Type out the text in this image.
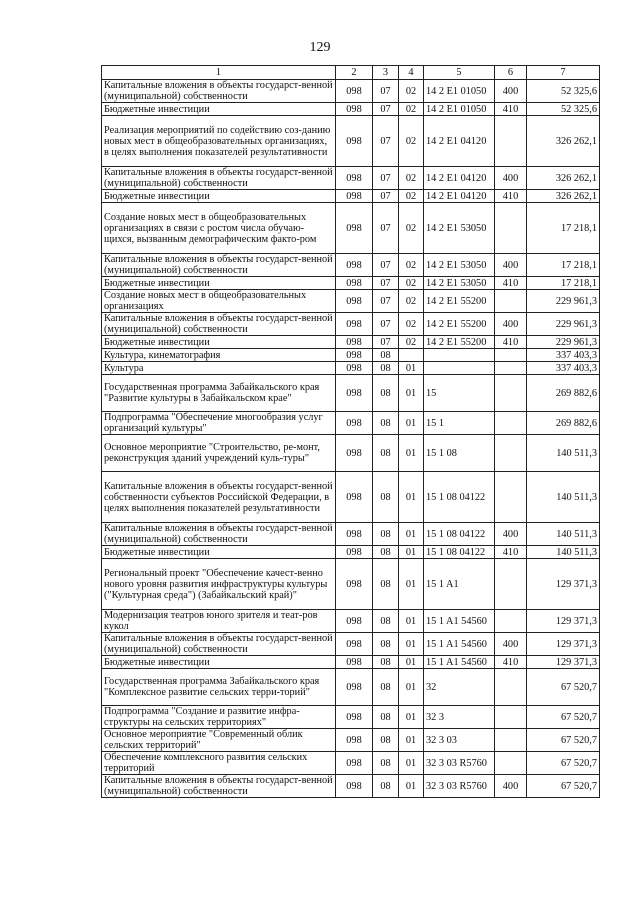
129
1	2	3	4	5	6	7
Капитальные вложения в объекты государст-венной (муниципальной) собственности	098	07	02	14 2 E1 01050	400	52 325,6
Бюджетные инвестиции	098	07	02	14 2 E1 01050	410	52 325,6
Реализация мероприятий по содействию соз-данию новых мест в общеобразовательных организациях, в целях выполнения показателей результативности	098	07	02	14 2 E1 04120		326 262,1
Капитальные вложения в объекты государст-венной (муниципальной) собственности	098	07	02	14 2 E1 04120	400	326 262,1
Бюджетные инвестиции	098	07	02	14 2 E1 04120	410	326 262,1
Создание новых мест в общеобразовательных организациях в связи с ростом числа обучаю-щихся, вызванным демографическим факто-ром	098	07	02	14 2 E1 53050		17 218,1
Капитальные вложения в объекты государст-венной (муниципальной) собственности	098	07	02	14 2 E1 53050	400	17 218,1
Бюджетные инвестиции	098	07	02	14 2 E1 53050	410	17 218,1
Создание новых мест в общеобразовательных организациях	098	07	02	14 2 E1 55200		229 961,3
Капитальные вложения в объекты государст-венной (муниципальной) собственности	098	07	02	14 2 E1 55200	400	229 961,3
Бюджетные инвестиции	098	07	02	14 2 E1 55200	410	229 961,3
Культура, кинематография	098	08				337 403,3
Культура	098	08	01			337 403,3
Государственная программа Забайкальского края "Развитие культуры в Забайкальском крае"	098	08	01	15		269 882,6
Подпрограмма "Обеспечение многообразия услуг организаций культуры"	098	08	01	15 1		269 882,6
Основное мероприятие "Строительство, ре-монт, реконструкция зданий учреждений куль-туры"	098	08	01	15 1 08		140 511,3
Капитальные вложения в объекты государст-венной собственности субъектов Российской Федерации, в целях выполнения показателей результативности	098	08	01	15 1 08 04122		140 511,3
Капитальные вложения в объекты государст-венной (муниципальной) собственности	098	08	01	15 1 08 04122	400	140 511,3
Бюджетные инвестиции	098	08	01	15 1 08 04122	410	140 511,3
Региональный проект "Обеспечение качест-венно нового уровня развития инфраструктуры культуры ("Культурная среда") (Забайкальский край)"	098	08	01	15 1 A1		129 371,3
Модернизация театров юного зрителя и теат-ров кукол	098	08	01	15 1 A1 54560		129 371,3
Капитальные вложения в объекты государст-венной (муниципальной) собственности	098	08	01	15 1 A1 54560	400	129 371,3
Бюджетные инвестиции	098	08	01	15 1 A1 54560	410	129 371,3
Государственная программа Забайкальского края "Комплексное развитие сельских терри-торий"	098	08	01	32		67 520,7
Подпрограмма "Создание и развитие инфра-структуры на сельских территориях"	098	08	01	32 3		67 520,7
Основное мероприятие "Современный облик сельских территорий"	098	08	01	32 3 03		67 520,7
Обеспечение комплексного развития сельских территорий	098	08	01	32 3 03 R5760		67 520,7
Капитальные вложения в объекты государст-венной (муниципальной) собственности	098	08	01	32 3 03 R5760	400	67 520,7
